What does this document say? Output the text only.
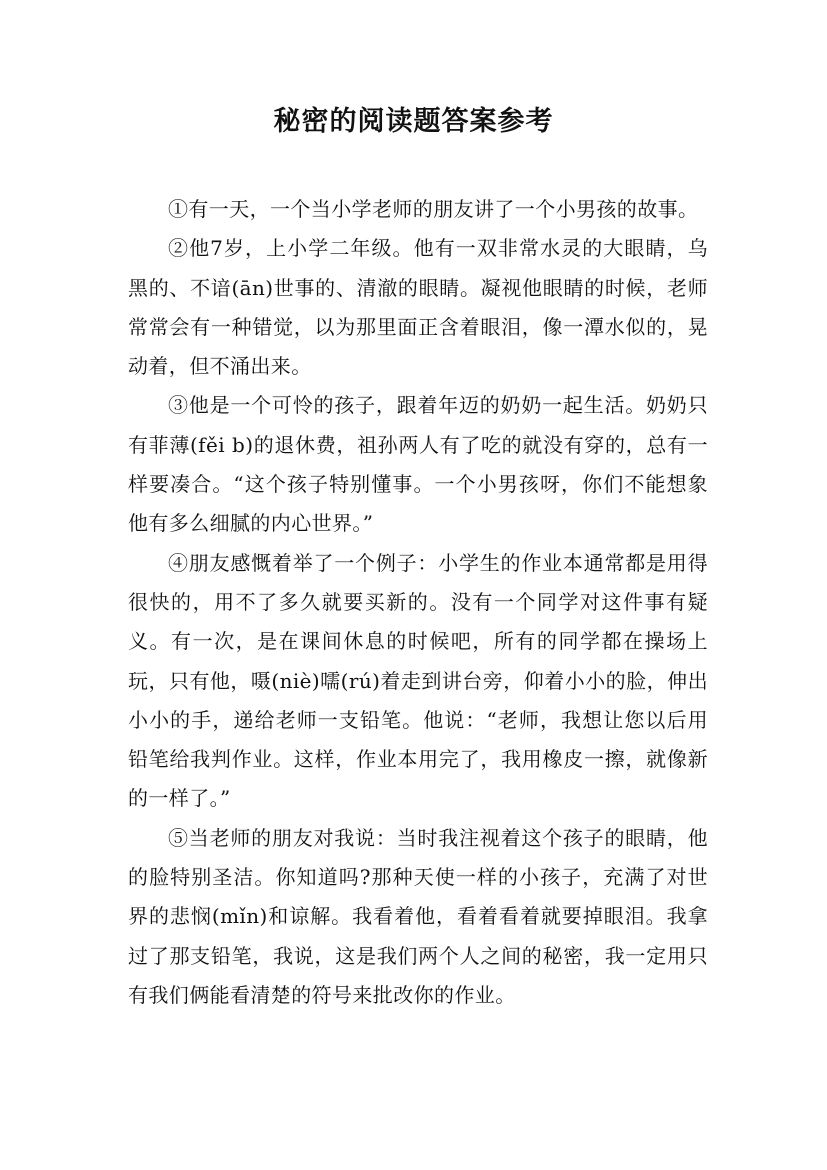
秘密的阅读题答案参考

①有一天，一个当小学老师的朋友讲了一个小男孩的故事。

②他7岁，上小学二年级。他有一双非常水灵的大眼睛，乌黑的、不谙(ān)世事的、清澈的眼睛。凝视他眼睛的时候，老师常常会有一种错觉，以为那里面正含着眼泪，像一潭水似的，晃动着，但不涌出来。

③他是一个可怜的孩子，跟着年迈的奶奶一起生活。奶奶只有菲薄(fěi b)的退休费，祖孙两人有了吃的就没有穿的，总有一样要凑合。“这个孩子特别懂事。一个小男孩呀，你们不能想象他有多么细腻的内心世界。”

④朋友感慨着举了一个例子：小学生的作业本通常都是用得很快的，用不了多久就要买新的。没有一个同学对这件事有疑义。有一次，是在课间休息的时候吧，所有的同学都在操场上玩，只有他，嗫(niè)嚅(rú)着走到讲台旁，仰着小小的脸，伸出小小的手，递给老师一支铅笔。他说：“老师，我想让您以后用铅笔给我判作业。这样，作业本用完了，我用橡皮一擦，就像新的一样了。”

⑤当老师的朋友对我说：当时我注视着这个孩子的眼睛，他的脸特别圣洁。你知道吗?那种天使一样的小孩子，充满了对世界的悲悯(mǐn)和谅解。我看着他，看着看着就要掉眼泪。我拿过了那支铅笔，我说，这是我们两个人之间的秘密，我一定用只有我们俩能看清楚的符号来批改你的作业。
